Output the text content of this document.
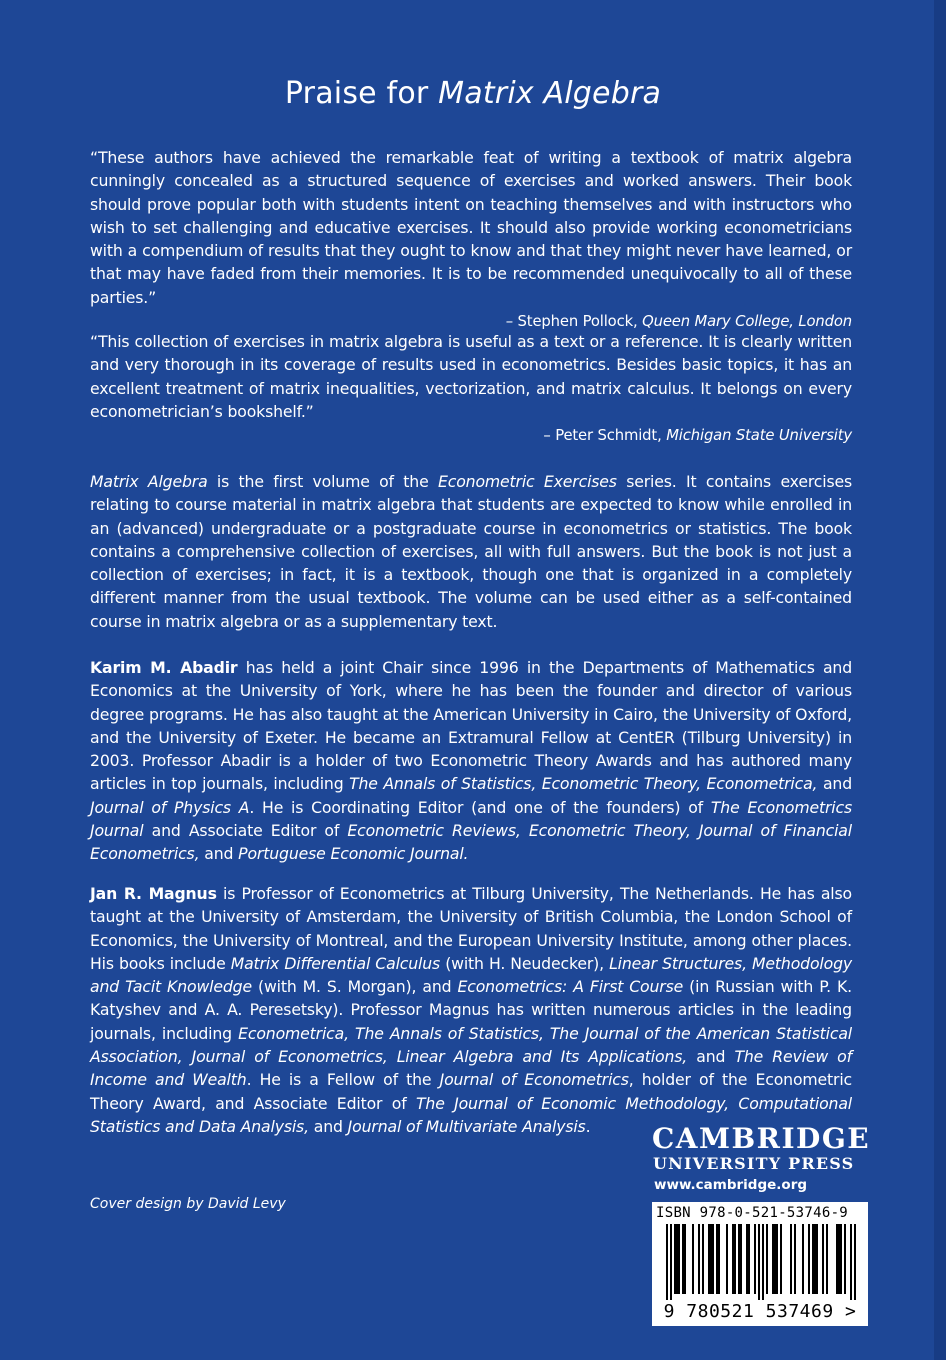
Praise for Matrix Algebra

“These authors have achieved the remarkable feat of writing a textbook of matrix algebra cunningly concealed as a structured sequence of exercises and worked answers. Their book should prove popular both with students intent on teaching themselves and with instructors who wish to set challenging and educative exercises. It should also provide working econometricians with a compendium of results that they ought to know and that they might never have learned, or that may have faded from their memories. It is to be recommended unequivocally to all of these parties.”

– Stephen Pollock, Queen Mary College, London

“This collection of exercises in matrix algebra is useful as a text or a reference. It is clearly written and very thorough in its coverage of results used in econometrics. Besides basic topics, it has an excellent treatment of matrix inequalities, vectorization, and matrix calculus. It belongs on every econometrician’s bookshelf.”

– Peter Schmidt, Michigan State University

Matrix Algebra is the first volume of the Econometric Exercises series. It contains exercises relating to course material in matrix algebra that students are expected to know while enrolled in an (advanced) undergraduate or a postgraduate course in econometrics or statistics. The book contains a comprehensive collection of exercises, all with full answers. But the book is not just a collection of exercises; in fact, it is a textbook, though one that is organized in a completely different manner from the usual textbook. The volume can be used either as a self-contained course in matrix algebra or as a supplementary text.

Karim M. Abadir has held a joint Chair since 1996 in the Departments of Mathematics and Economics at the University of York, where he has been the founder and director of various degree programs. He has also taught at the American University in Cairo, the University of Oxford, and the University of Exeter. He became an Extramural Fellow at CentER (Tilburg University) in 2003. Professor Abadir is a holder of two Econometric Theory Awards and has authored many articles in top journals, including The Annals of Statistics, Econometric Theory, Econometrica, and Journal of Physics A. He is Coordinating Editor (and one of the founders) of The Econometrics Journal and Associate Editor of Econometric Reviews, Econometric Theory, Journal of Financial Econometrics, and Portuguese Economic Journal.

Jan R. Magnus is Professor of Econometrics at Tilburg University, The Netherlands. He has also taught at the University of Amsterdam, the University of British Columbia, the London School of Economics, the University of Montreal, and the European University Institute, among other places. His books include Matrix Differential Calculus (with H. Neudecker), Linear Structures, Methodology and Tacit Knowledge (with M. S. Morgan), and Econometrics: A First Course (in Russian with P. K. Katyshev and A. A. Peresetsky). Professor Magnus has written numerous articles in the leading journals, including Econometrica, The Annals of Statistics, The Journal of the American Statistical Association, Journal of Econometrics, Linear Algebra and Its Applications, and The Review of Income and Wealth. He is a Fellow of the Journal of Econometrics, holder of the Econometric Theory Award, and Associate Editor of The Journal of Economic Methodology, Computational Statistics and Data Analysis, and Journal of Multivariate Analysis.

Cover design by David Levy
CAMBRIDGE
UNIVERSITY PRESS
www.cambridge.org
ISBN 978-0-521-53746-9
9 780521 537469 >
